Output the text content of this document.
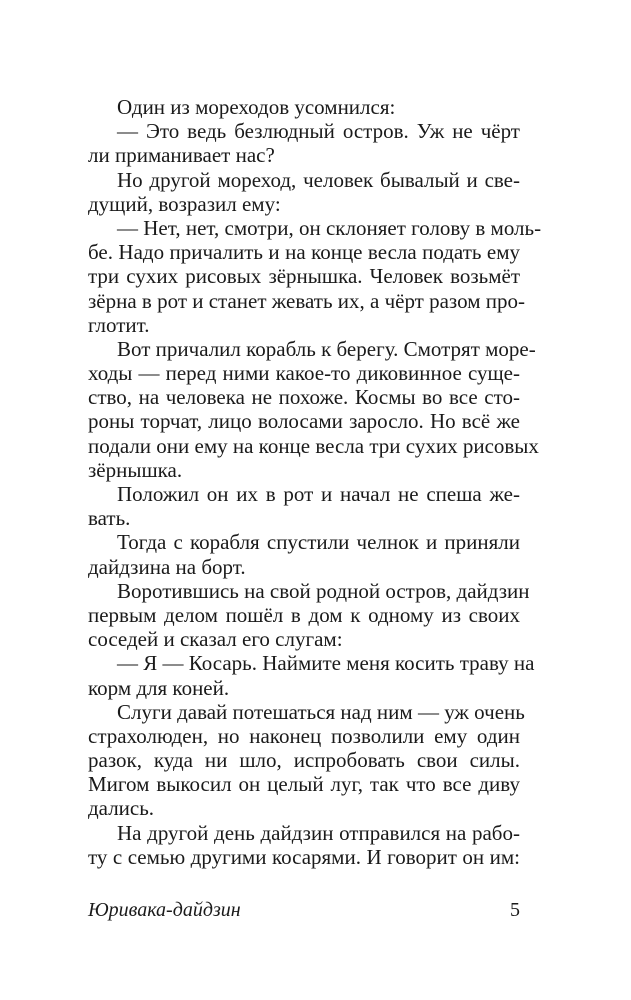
Один из мореходов усомнился:
— Это ведь безлюдный остров. Уж не чёрт
ли приманивает нас?
Но другой мореход, человек бывалый и све-
дущий, возразил ему:
— Нет, нет, смотри, он склоняет голову в моль-
бе. Надо причалить и на конце весла подать ему
три сухих рисовых зёрнышка. Человек возьмёт
зёрна в рот и станет жевать их, а чёрт разом про-
глотит.
Вот причалил корабль к берегу. Смотрят море-
ходы — перед ними какое-то диковинное суще-
ство, на человека не похоже. Космы во все сто-
роны торчат, лицо волосами заросло. Но всё же
подали они ему на конце весла три сухих рисовых
зёрнышка.
Положил он их в рот и начал не спеша же-
вать.
Тогда с корабля спустили челнок и приняли
дайдзина на борт.
Воротившись на свой родной остров, дайдзин
первым делом пошёл в дом к одному из своих
соседей и сказал его слугам:
— Я — Косарь. Наймите меня косить траву на
корм для коней.
Слуги давай потешаться над ним — уж очень
страхолюден, но наконец позволили ему один
разок, куда ни шло, испробовать свои силы.
Мигом выкосил он целый луг, так что все диву
дались.
На другой день дайдзин отправился на рабо-
ту с семью другими косарями. И говорит он им:
Юривака-дайдзин	5
